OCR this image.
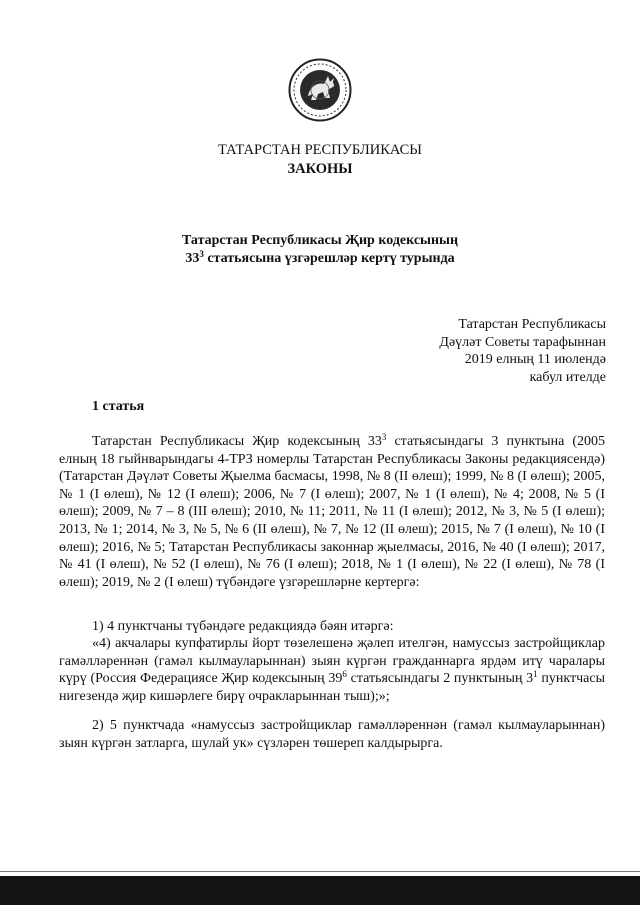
ТАТАРСТАН РЕСПУБЛИКАСЫ
ЗАКОНЫ
Татарстан Республикасы Җир кодексының
$33^3$ статьясына үзгәрешләр кертү турында
Татарстан Республикасы
Дәүләт Советы тарафыннан
2019 елның 11 июлендә
кабул ителде
1 статья
Татарстан Республикасы Җир кодексының $33^3$ статьясындагы 3 пунктына (2005 елның 18 гыйнварындагы 4-ТРЗ номерлы Татарстан Республикасы Законы редакциясендә) (Татарстан Дәүләт Советы Җыелма басмасы, 1998, № 8 (II өлеш); 1999, № 8 (I өлеш); 2005, № 1 (I өлеш), № 12 (I өлеш); 2006, № 7 (I өлеш); 2007, № 1 (I өлеш), № 4; 2008, № 5 (I өлеш); 2009, № 7 – 8 (III өлеш); 2010, № 11; 2011, № 11 (I өлеш); 2012, № 3, № 5 (I өлеш); 2013, № 1; 2014, № 3, № 5, № 6 (II өлеш), № 7, № 12 (II өлеш); 2015, № 7 (I өлеш), № 10 (I өлеш); 2016, № 5; Татарстан Республикасы законнар җыелмасы, 2016, № 40 (I өлеш); 2017, № 41 (I өлеш), № 52 (I өлеш), № 76 (I өлеш); 2018, № 1 (I өлеш), № 22 (I өлеш), № 78 (I өлеш); 2019, № 2 (I өлеш) түбәндәге үзгәрешләрне кертергә:
1) 4 пунктчаны түбәндәге редакциядә бәян итәргә:
«4) акчалары купфатирлы йорт төзелешенә җәлеп ителгән, намуссыз застройщиклар гамәлләреннән (гамәл кылмауларыннан) зыян күргән гражданнарга ярдәм итү чаралары күрү (Россия Федерациясе Җир кодексының $39^6$ статьясындагы 2 пунктының $3^1$ пунктчасы нигезендә җир кишәрлеге бирү очракларыннан тыш);»;
2) 5 пунктчада «намуссыз застройщиклар гамәлләреннән (гамәл кылмауларыннан) зыян күргән затларга, шулай ук» сүзләрен төшереп калдырырга.
